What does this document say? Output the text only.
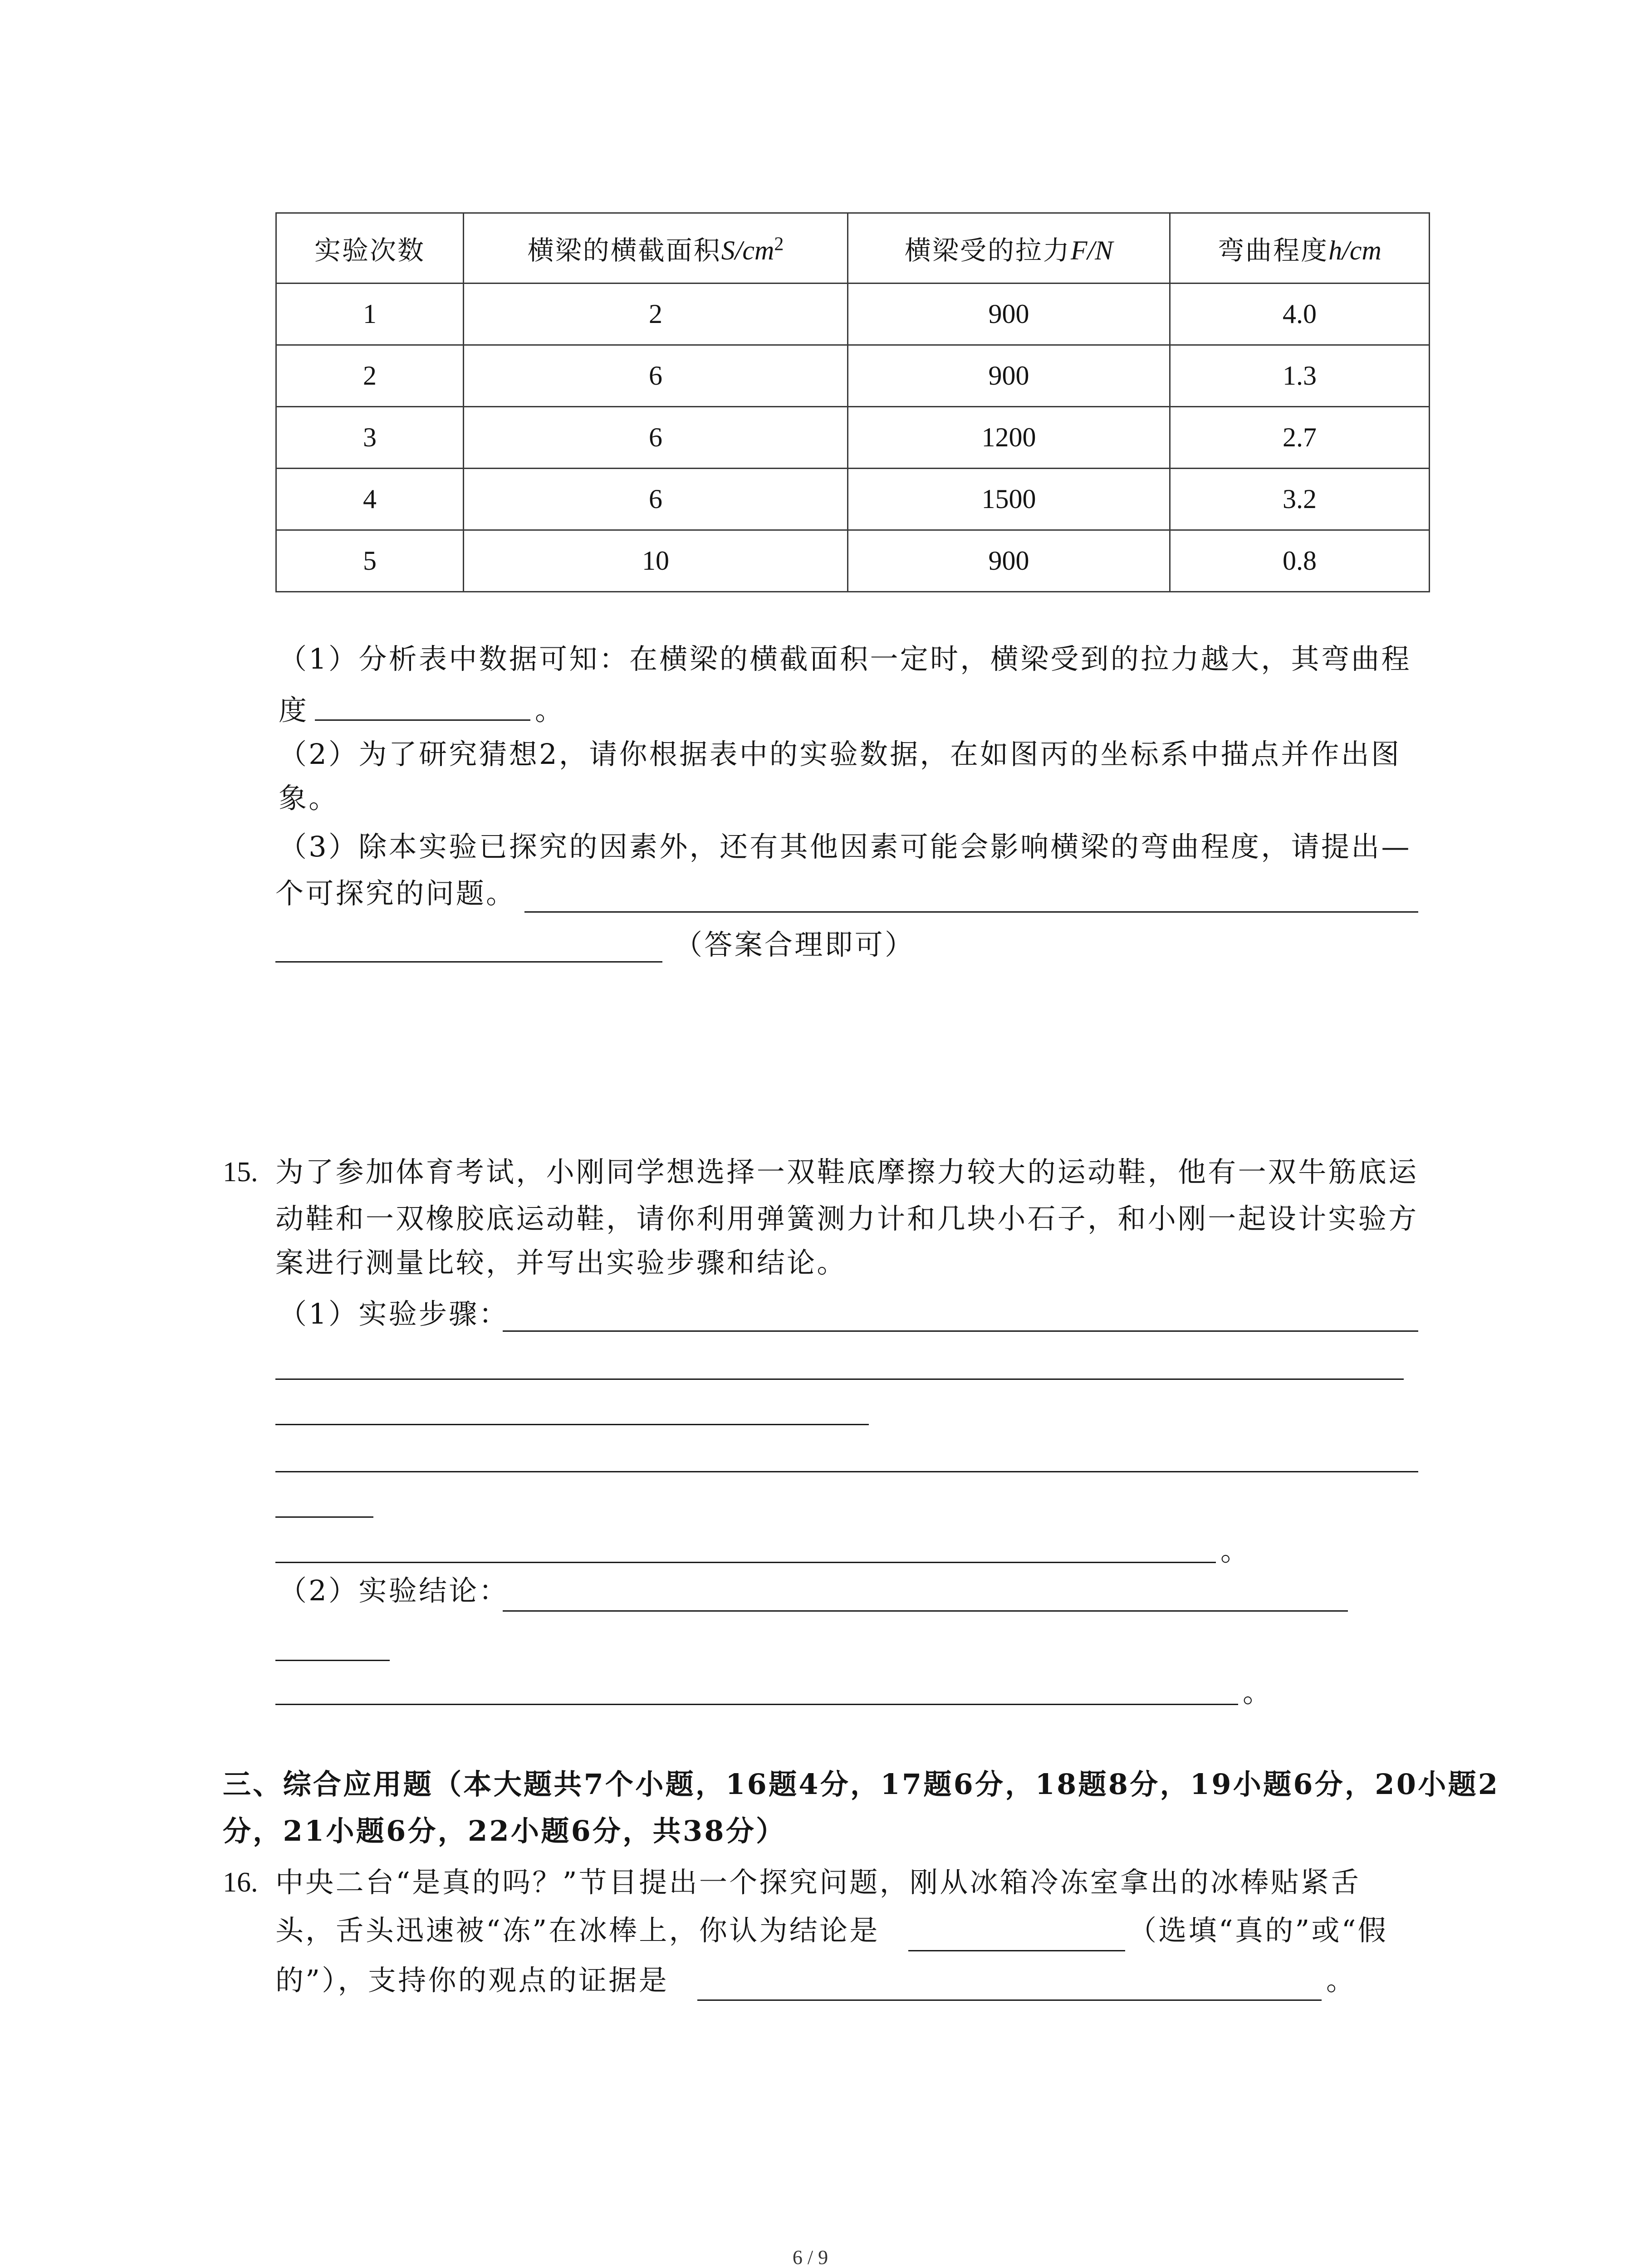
实验次数	横梁的横截面积$S/cm^2$	横梁受的拉力F/N	弯曲程度h/cm
1	2	900	4.0
2	6	900	1.3
3	6	1200	2.7
4	6	1500	3.2
5	10	900	0.8
（1）分析表中数据可知：在横梁的横截面积一定时，横梁受到的拉力越大，其弯曲程
度	。
（2）为了研究猜想2，请你根据表中的实验数据，在如图丙的坐标系中描点并作出图
象。
（3）除本实验已探究的因素外，还有其他因素可能会影响横梁的弯曲程度，请提出—
个可探究的问题。
（答案合理即可）
15. 为了参加体育考试，小刚同学想选择一双鞋底摩擦力较大的运动鞋，他有一双牛筋底运
动鞋和一双橡胶底运动鞋，请你利用弹簧测力计和几块小石子，和小刚一起设计实验方
案进行测量比较，并写出实验步骤和结论。
（1）实验步骤：
。
（2）实验结论：
。
三、综合应用题（本大题共7个小题，16题4分，17题6分，18题8分，19小题6分，20小题2
分，21小题6分，22小题6分，共38分）
16. 中央二台“是真的吗？”节目提出一个探究问题，刚从冰箱冷冻室拿出的冰棒贴紧舌
头，舌头迅速被“冻”在冰棒上，你认为结论是	（选填“真的”或“假
的”），支持你的观点的证据是	。
6 / 9
